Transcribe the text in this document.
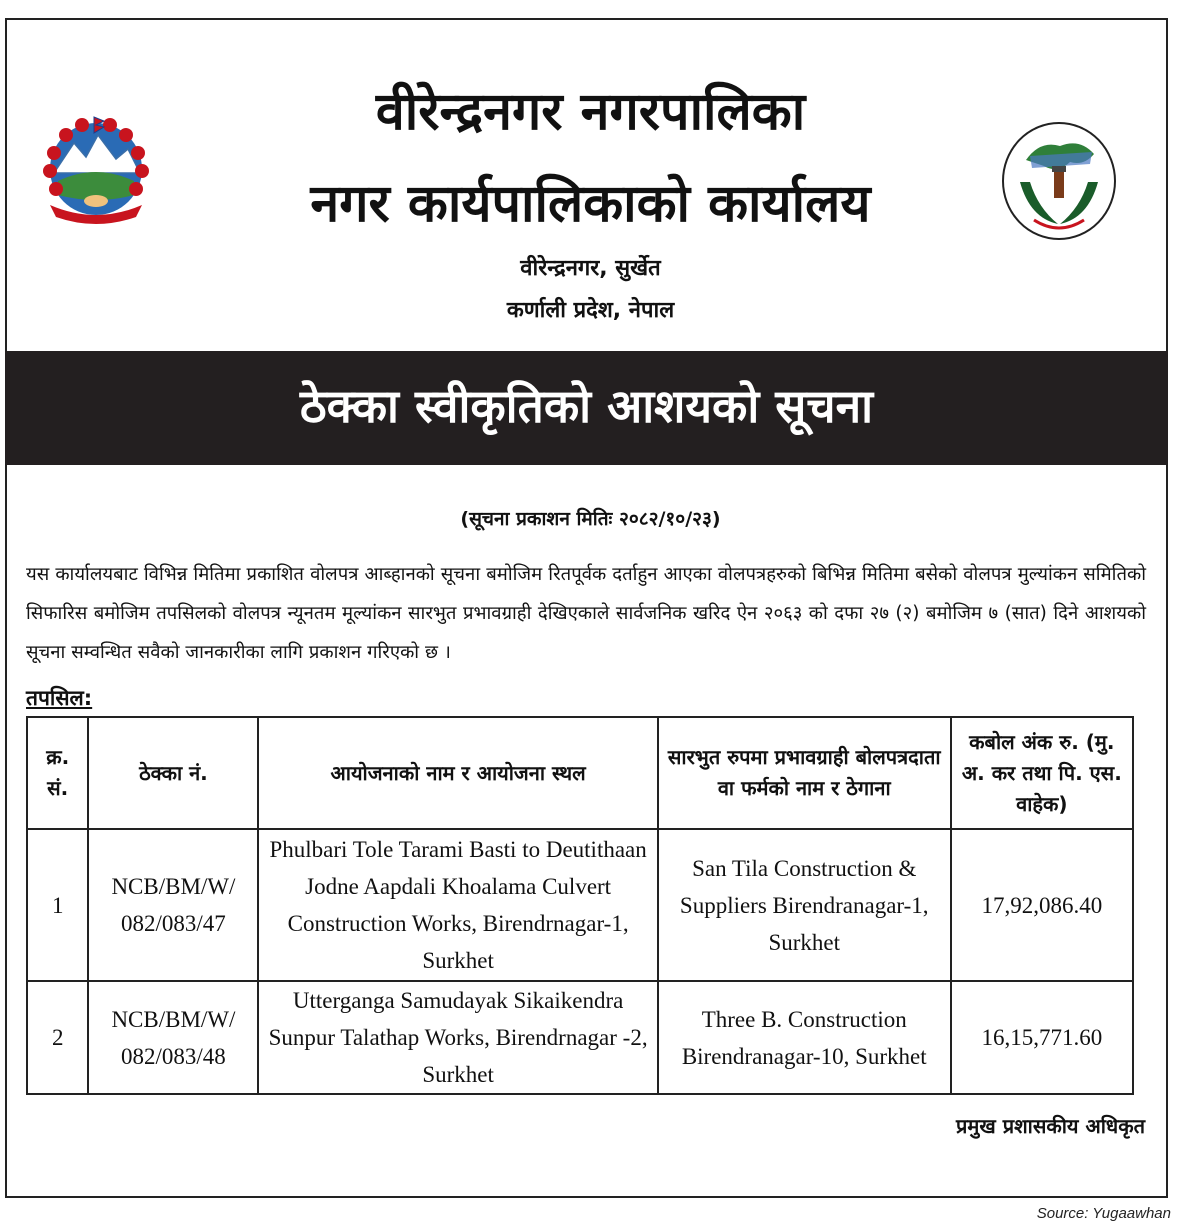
वीरेन्द्रनगर नगरपालिका
नगर कार्यपालिकाको कार्यालय
वीरेन्द्रनगर, सुर्खेत
कर्णाली प्रदेश, नेपाल
ठेक्का स्वीकृतिको आशयको सूचना
(सूचना प्रकाशन मितिः २०८२/१०/२३)
यस कार्यालयबाट विभिन्न मितिमा प्रकाशित वोलपत्र आब्हानको सूचना बमोजिम रितपूर्वक दर्ताहुन आएका वोलपत्रहरुको बिभिन्न मितिमा बसेको वोलपत्र मुल्यांकन समितिको सिफारिस बमोजिम तपसिलको वोलपत्र न्यूनतम मूल्यांकन सारभुत प्रभावग्राही देखिएकाले सार्वजनिक खरिद ऐन २०६३ को दफा २७ (२) बमोजिम ७ (सात) दिने आशयको सूचना सम्वन्धित सवैको जानकारीका लागि प्रकाशन गरिएको छ ।
तपसिल:
क्र. सं.	ठेक्का नं.	आयोजनाको नाम र आयोजना स्थल	सारभुत रुपमा प्रभावग्राही बोलपत्रदाता वा फर्मको नाम र ठेगाना	कबोल अंक रु. (मु. अ. कर तथा पि. एस. वाहेक)
1	NCB/BM/W/ 082/083/47	Phulbari Tole Tarami Basti to Deutithaan Jodne Aapdali Khoalama Culvert Construction Works, Birendrnagar-1, Surkhet	San Tila Construction & Suppliers Birendranagar-1, Surkhet	17,92,086.40
2	NCB/BM/W/ 082/083/48	Utterganga Samudayak Sikaikendra Sunpur Talathap Works, Birendrnagar -2, Surkhet	Three B. Construction Birendranagar-10, Surkhet	16,15,771.60
प्रमुख प्रशासकीय अधिकृत
Source: Yugaawhan
